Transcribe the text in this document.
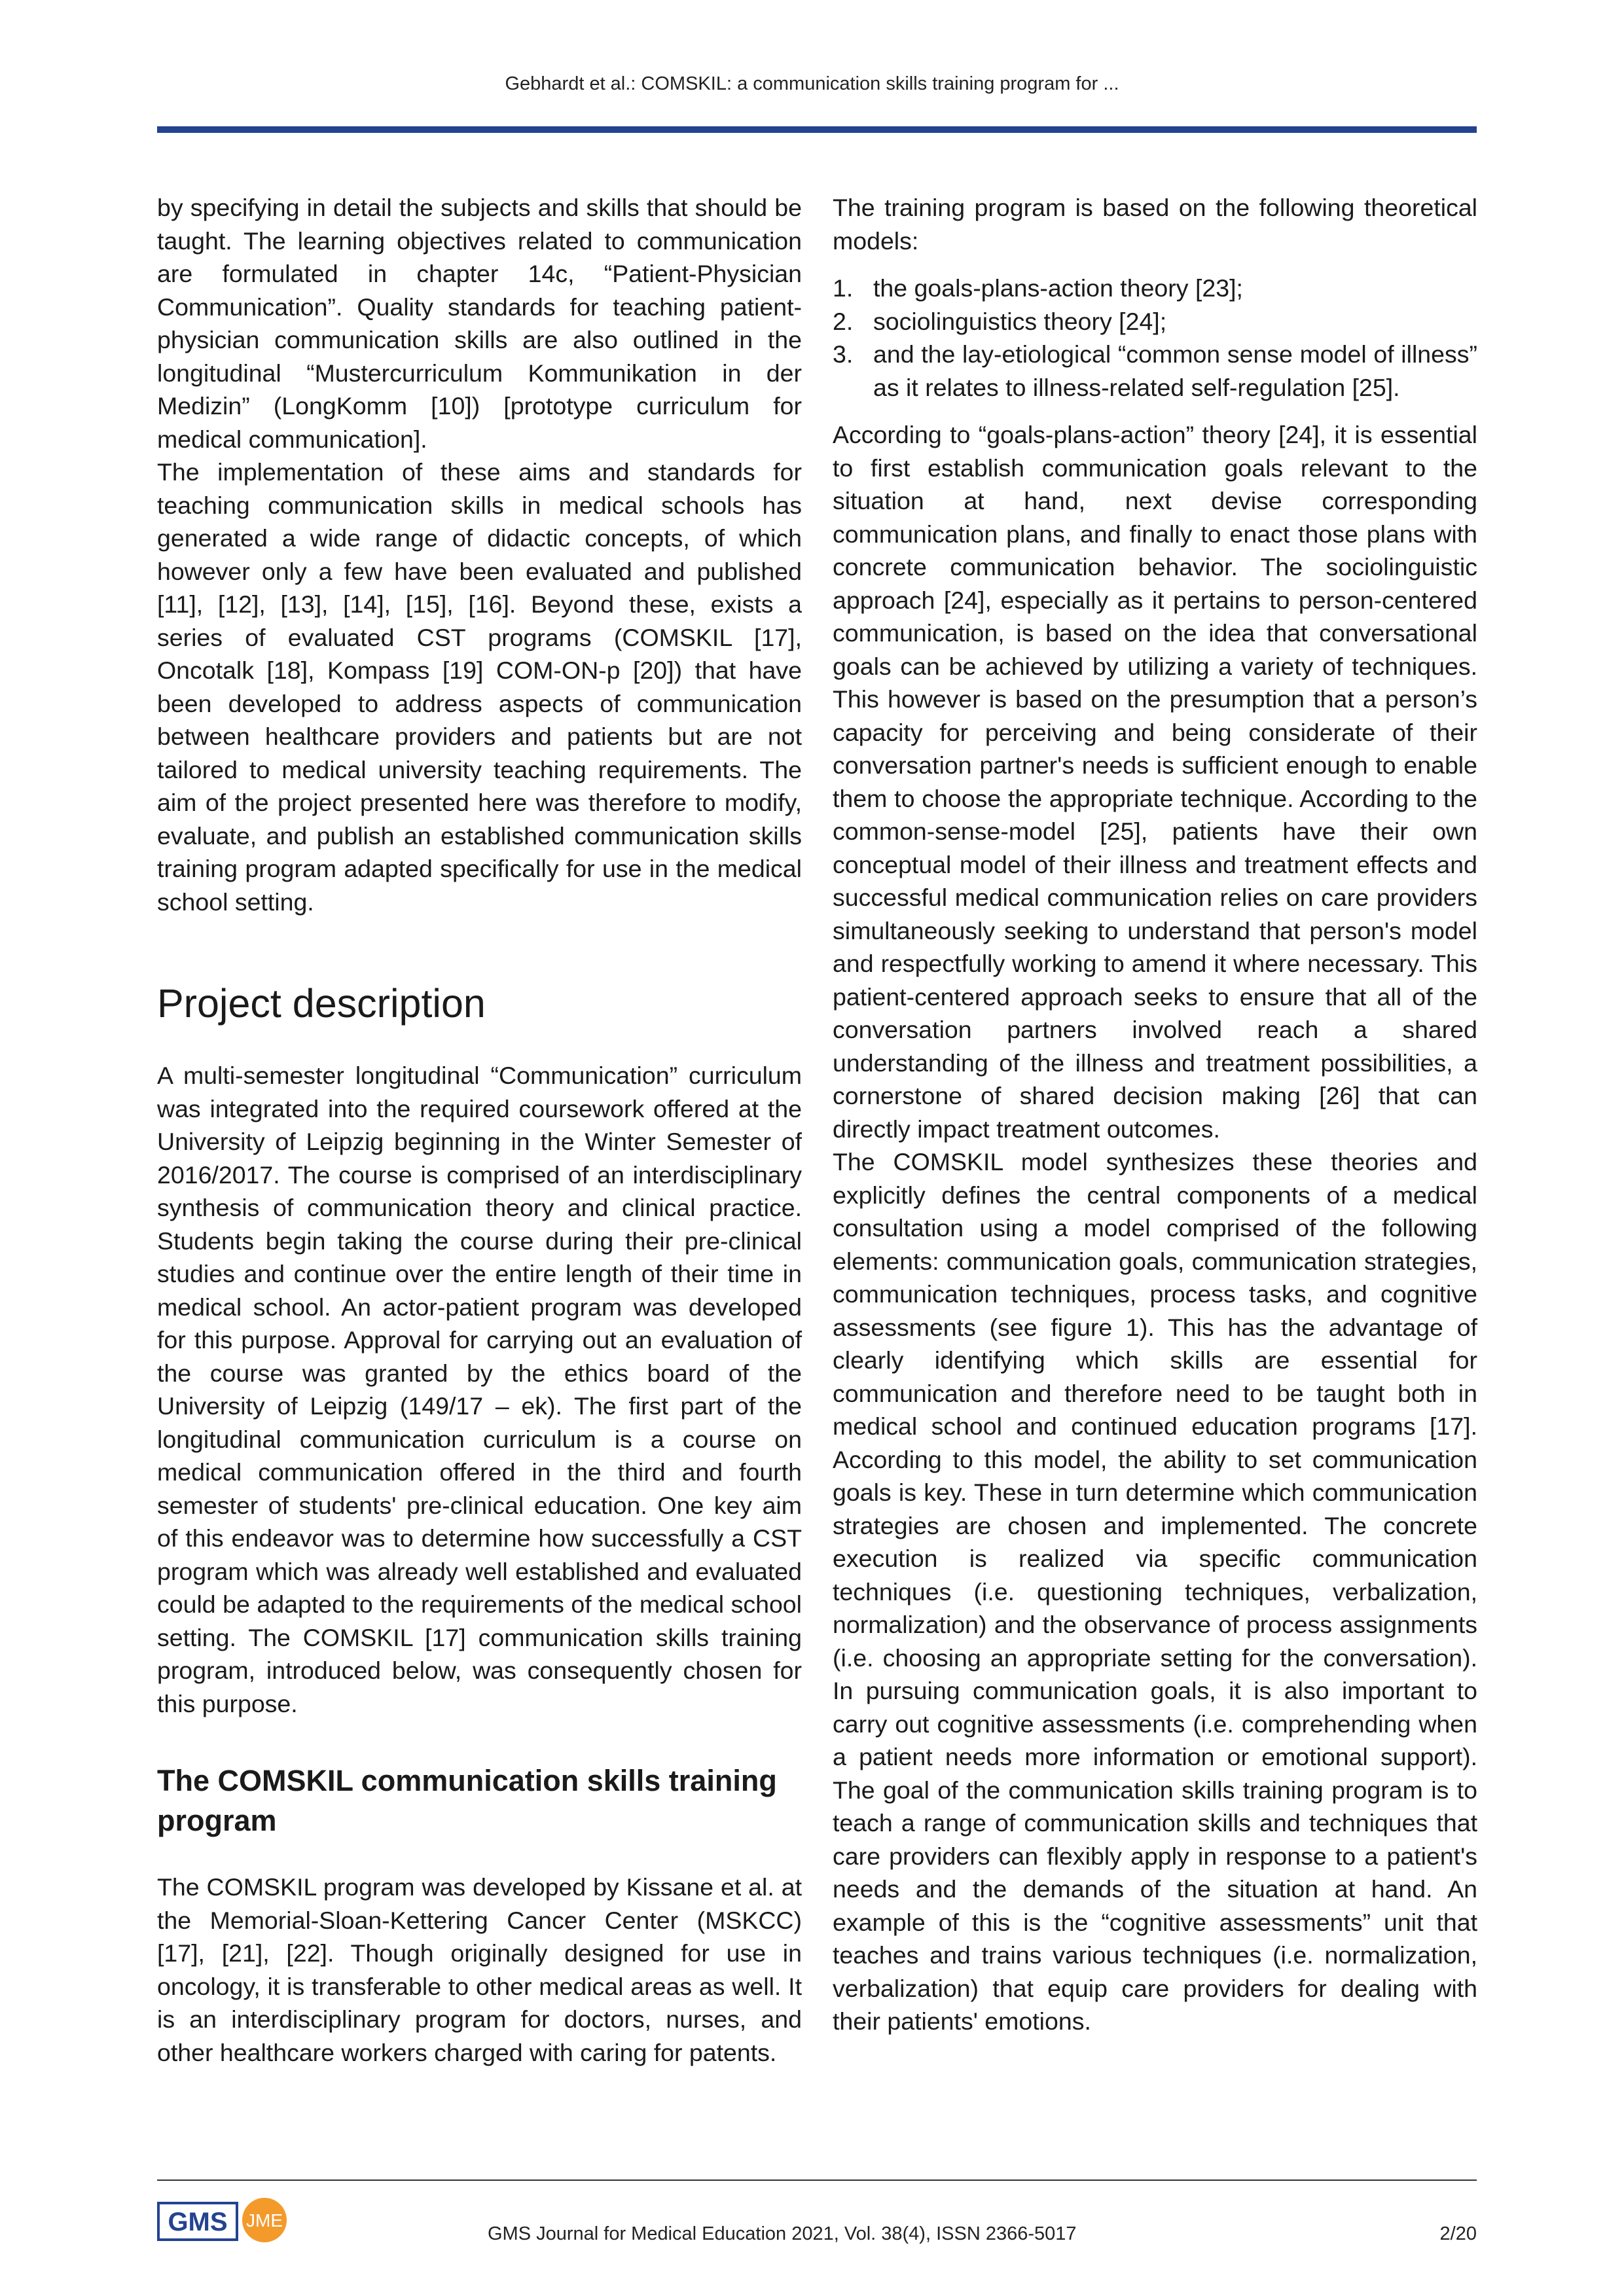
Gebhardt et al.: COMSKIL: a communication skills training program for ...

by specifying in detail the subjects and skills that should be taught. The learning objectives related to communication are formulated in chapter 14c, “Patient-Physician Communication”. Quality standards for teaching patient-physician communication skills are also outlined in the longitudinal “Mustercurriculum Kommunikation in der Medizin” (LongKomm [10]) [prototype curriculum for medical communication].

The implementation of these aims and standards for teaching communication skills in medical schools has generated a wide range of didactic concepts, of which however only a few have been evaluated and published [11], [12], [13], [14], [15], [16]. Beyond these, exists a series of evaluated CST programs (COMSKIL [17], Oncotalk [18], Kompass [19] COM-ON-p [20]) that have been developed to address aspects of communication between healthcare providers and patients but are not tailored to medical university teaching requirements. The aim of the project presented here was therefore to modify, evaluate, and publish an established communication skills training program adapted specifically for use in the medical school setting.

Project description

A multi-semester longitudinal “Communication” curriculum was integrated into the required coursework offered at the University of Leipzig beginning in the Winter Semester of 2016/2017. The course is comprised of an interdisciplinary synthesis of communication theory and clinical practice. Students begin taking the course during their pre-clinical studies and continue over the entire length of their time in medical school. An actor-patient program was developed for this purpose. Approval for carrying out an evaluation of the course was granted by the ethics board of the University of Leipzig (149/17 – ek). The first part of the longitudinal communication curriculum is a course on medical communication offered in the third and fourth semester of students' pre-clinical education. One key aim of this endeavor was to determine how successfully a CST program which was already well established and evaluated could be adapted to the requirements of the medical school setting. The COMSKIL [17] communication skills training program, introduced below, was consequently chosen for this purpose.

The COMSKIL communication skills training program

The COMSKIL program was developed by Kissane et al. at the Memorial-Sloan-Kettering Cancer Center (MSKCC) [17], [21], [22]. Though originally designed for use in oncology, it is transferable to other medical areas as well. It is an interdisciplinary program for doctors, nurses, and other healthcare workers charged with caring for patents.

The training program is based on the following theoretical models:

1. the goals-plans-action theory [23];
2. sociolinguistics theory [24];
3. and the lay-etiological “common sense model of illness” as it relates to illness-related self-regulation [25].

According to “goals-plans-action” theory [24], it is essential to first establish communication goals relevant to the situation at hand, next devise corresponding communication plans, and finally to enact those plans with concrete communication behavior. The sociolinguistic approach [24], especially as it pertains to person-centered communication, is based on the idea that conversational goals can be achieved by utilizing a variety of techniques. This however is based on the presumption that a person’s capacity for perceiving and being considerate of their conversation partner's needs is sufficient enough to enable them to choose the appropriate technique. According to the common-sense-model [25], patients have their own conceptual model of their illness and treatment effects and successful medical communication relies on care providers simultaneously seeking to understand that person's model and respectfully working to amend it where necessary. This patient-centered approach seeks to ensure that all of the conversation partners involved reach a shared understanding of the illness and treatment possibilities, a cornerstone of shared decision making [26] that can directly impact treatment outcomes.

The COMSKIL model synthesizes these theories and explicitly defines the central components of a medical consultation using a model comprised of the following elements: communication goals, communication strategies, communication techniques, process tasks, and cognitive assessments (see figure 1). This has the advantage of clearly identifying which skills are essential for communication and therefore need to be taught both in medical school and continued education programs [17]. According to this model, the ability to set communication goals is key. These in turn determine which communication strategies are chosen and implemented. The concrete execution is realized via specific communication techniques (i.e. questioning techniques, verbalization, normalization) and the observance of process assignments (i.e. choosing an appropriate setting for the conversation). In pursuing communication goals, it is also important to carry out cognitive assessments (i.e. comprehending when a patient needs more information or emotional support). The goal of the communication skills training program is to teach a range of communication skills and techniques that care providers can flexibly apply in response to a patient's needs and the demands of the situation at hand. An example of this is the “cognitive assessments” unit that teaches and trains various techniques (i.e. normalization, verbalization) that equip care providers for dealing with their patients' emotions.

GMS JME
GMS Journal for Medical Education 2021, Vol. 38(4), ISSN 2366-5017	2/20
